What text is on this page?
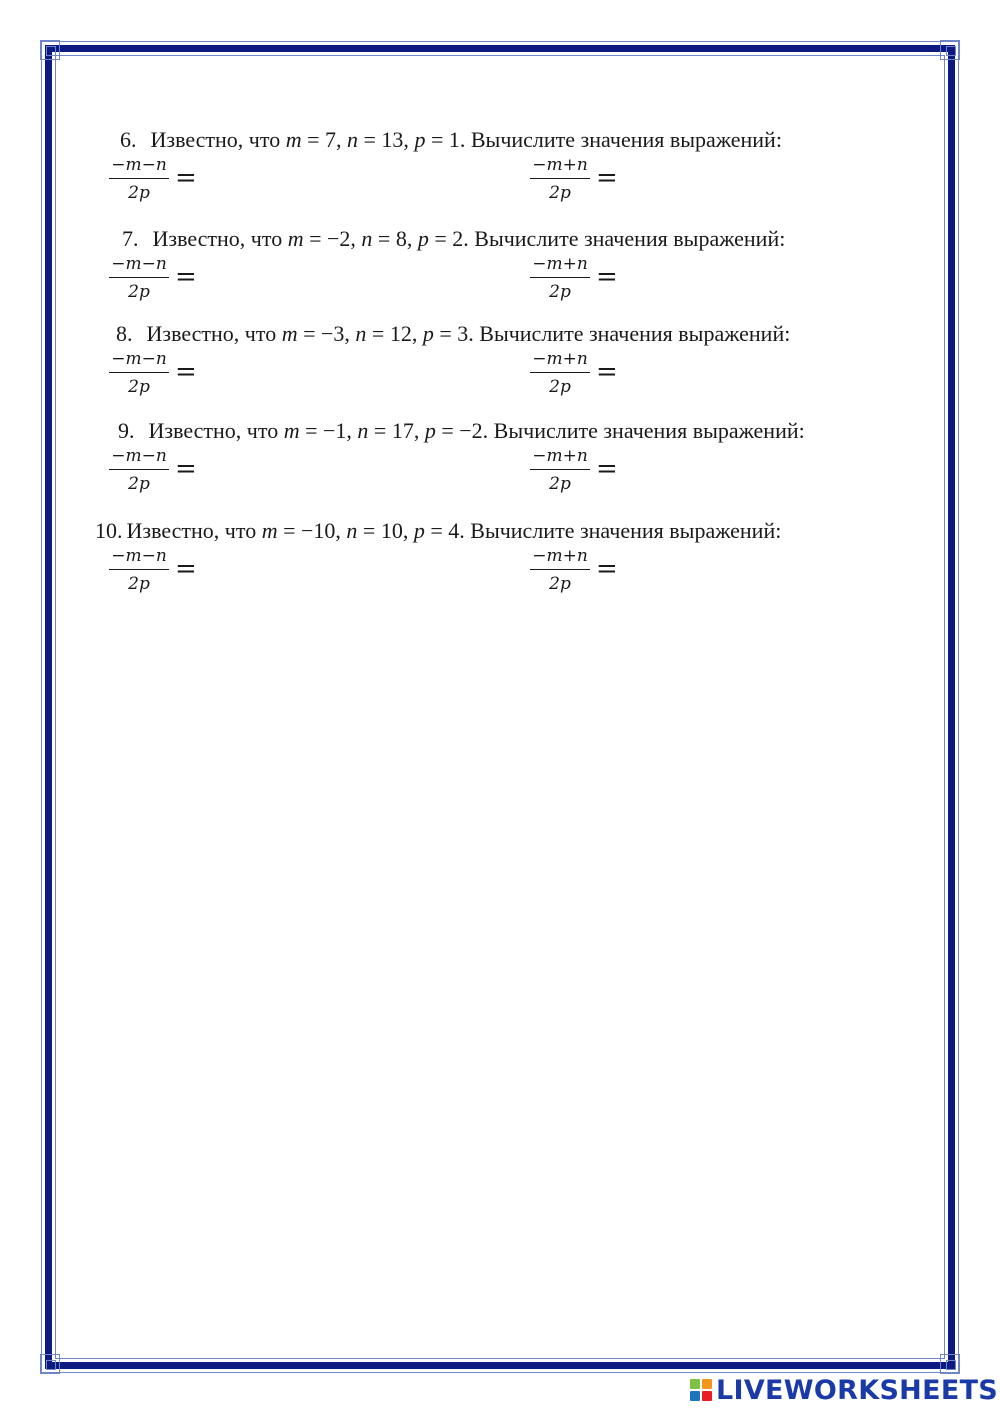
6. Известно, что m = 7, n = 13, p = 1. Вычислите значения выражений:
−m−n
2p =	−m+n
2p =
7. Известно, что m = −2, n = 8, p = 2. Вычислите значения выражений:
−m−n
2p =	−m+n
2p =
8. Известно, что m = −3, n = 12, p = 3. Вычислите значения выражений:
−m−n
2p =	−m+n
2p =
9. Известно, что m = −1, n = 17, p = −2. Вычислите значения выражений:
−m−n
2p =	−m+n
2p =
10. Известно, что m = −10, n = 10, p = 4. Вычислите значения выражений:
−m−n
2p =	−m+n
2p =
LIVEWORKSHEETS
